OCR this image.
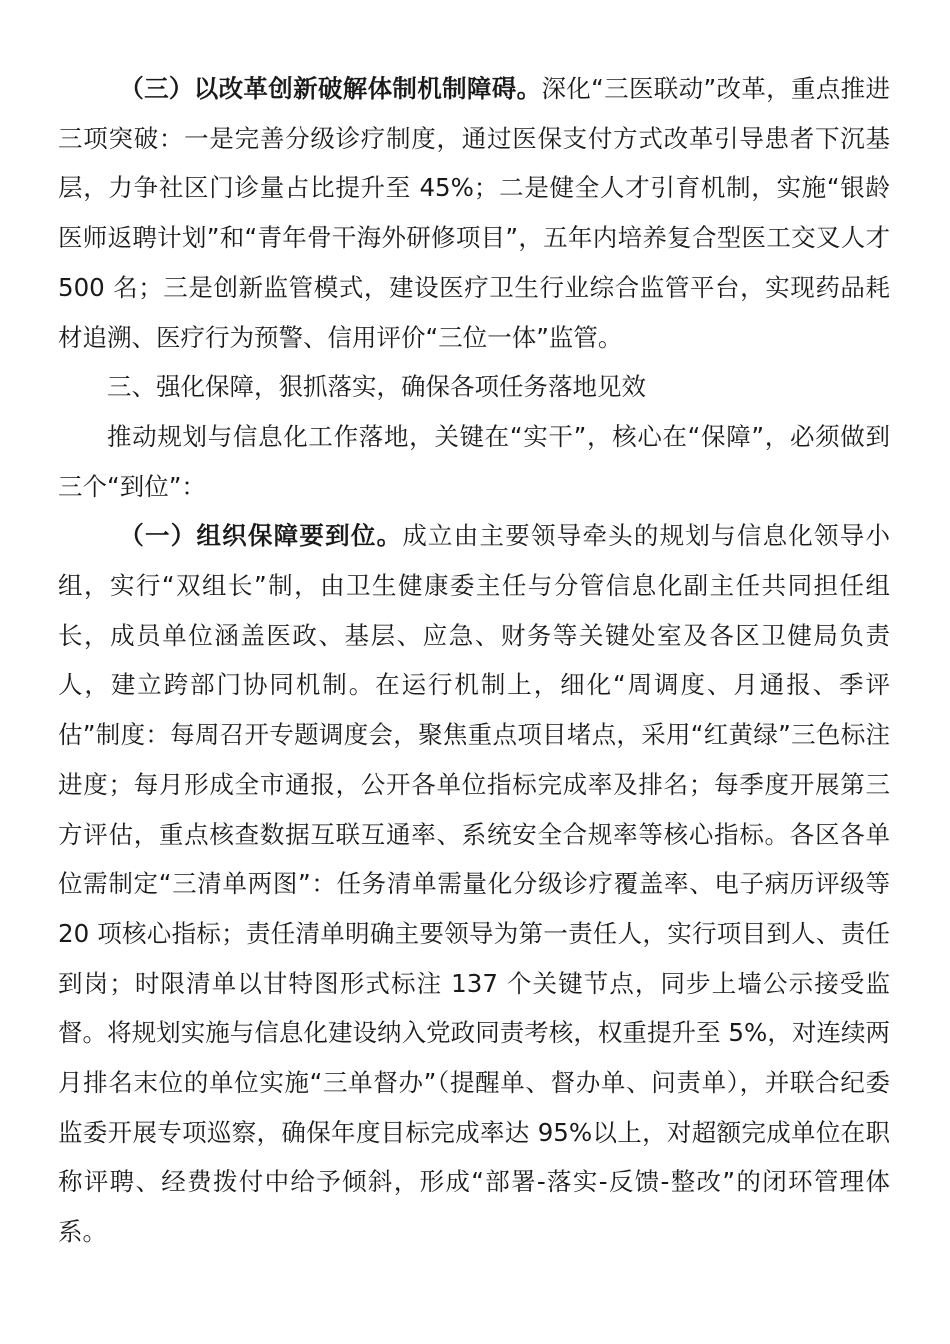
（三）以改革创新破解体制机制障碍。深化“三医联动”改革，重点推进三项突破：一是完善分级诊疗制度，通过医保支付方式改革引导患者下沉基层，力争社区门诊量占比提升至 45%；二是健全人才引育机制，实施“银龄医师返聘计划”和“青年骨干海外研修项目”，五年内培养复合型医工交叉人才 500 名；三是创新监管模式，建设医疗卫生行业综合监管平台，实现药品耗材追溯、医疗行为预警、信用评价“三位一体”监管。

三、强化保障，狠抓落实，确保各项任务落地见效

推动规划与信息化工作落地，关键在“实干”，核心在“保障”，必须做到三个“到位”：

（一）组织保障要到位。成立由主要领导牵头的规划与信息化领导小组，实行“双组长”制，由卫生健康委主任与分管信息化副主任共同担任组长，成员单位涵盖医政、基层、应急、财务等关键处室及各区卫健局负责人，建立跨部门协同机制。在运行机制上，细化“周调度、月通报、季评估”制度：每周召开专题调度会，聚焦重点项目堵点，采用“红黄绿”三色标注进度；每月形成全市通报，公开各单位指标完成率及排名；每季度开展第三方评估，重点核查数据互联互通率、系统安全合规率等核心指标。各区各单位需制定“三清单两图”：任务清单需量化分级诊疗覆盖率、电子病历评级等 20 项核心指标；责任清单明确主要领导为第一责任人，实行项目到人、责任到岗；时限清单以甘特图形式标注 137 个关键节点，同步上墙公示接受监督。将规划实施与信息化建设纳入党政同责考核，权重提升至 5%，对连续两月排名末位的单位实施“三单督办”（提醒单、督办单、问责单），并联合纪委监委开展专项巡察，确保年度目标完成率达 95%以上，对超额完成单位在职称评聘、经费拨付中给予倾斜，形成“部署-落实-反馈-整改”的闭环管理体系。
